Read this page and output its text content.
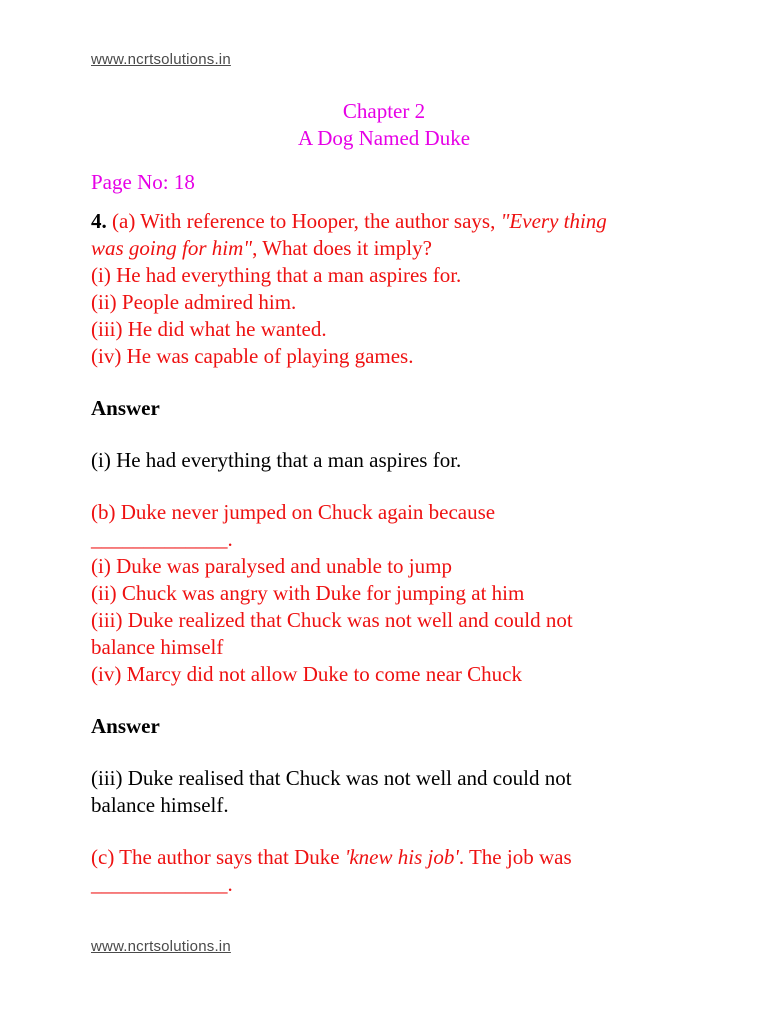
www.ncrtsolutions.in
Chapter 2
A Dog Named Duke
Page No: 18
4. (a) With reference to Hooper, the author says, "Every thing
was going for him", What does it imply?
(i) He had everything that a man aspires for.
(ii) People admired him.
(iii) He did what he wanted.
(iv) He was capable of playing games.
Answer
(i) He had everything that a man aspires for.
(b) Duke never jumped on Chuck again because
_____________.
(i) Duke was paralysed and unable to jump
(ii) Chuck was angry with Duke for jumping at him
(iii) Duke realized that Chuck was not well and could not
balance himself
(iv) Marcy did not allow Duke to come near Chuck
Answer
(iii) Duke realised that Chuck was not well and could not
balance himself.
(c) The author says that Duke 'knew his job'. The job was
_____________.
www.ncrtsolutions.in
